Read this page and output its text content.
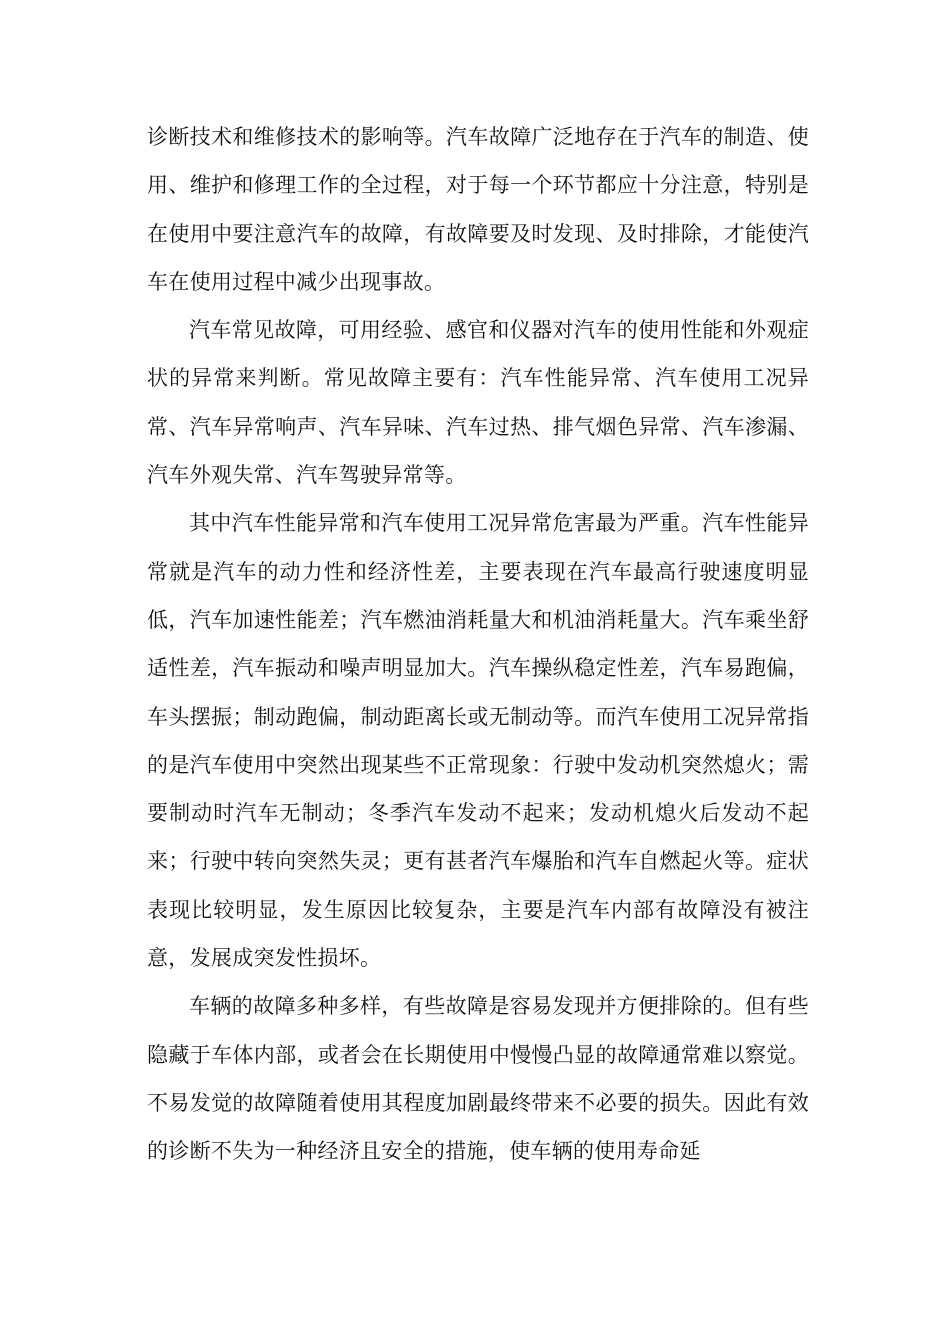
诊断技术和维修技术的影响等。汽车故障广泛地存在于汽车的制造、使用、维护和修理工作的全过程，对于每一个环节都应十分注意，特别是在使用中要注意汽车的故障，有故障要及时发现、及时排除，才能使汽车在使用过程中减少出现事故。

汽车常见故障，可用经验、感官和仪器对汽车的使用性能和外观症状的异常来判断。常见故障主要有：汽车性能异常、汽车使用工况异常、汽车异常响声、汽车异味、汽车过热、排气烟色异常、汽车渗漏、汽车外观失常、汽车驾驶异常等。

其中汽车性能异常和汽车使用工况异常危害最为严重。汽车性能异常就是汽车的动力性和经济性差，主要表现在汽车最高行驶速度明显低，汽车加速性能差；汽车燃油消耗量大和机油消耗量大。汽车乘坐舒适性差，汽车振动和噪声明显加大。汽车操纵稳定性差，汽车易跑偏，车头摆振；制动跑偏，制动距离长或无制动等。而汽车使用工况异常指的是汽车使用中突然出现某些不正常现象：行驶中发动机突然熄火；需要制动时汽车无制动；冬季汽车发动不起来；发动机熄火后发动不起来；行驶中转向突然失灵；更有甚者汽车爆胎和汽车自燃起火等。症状表现比较明显，发生原因比较复杂，主要是汽车内部有故障没有被注意，发展成突发性损坏。

车辆的故障多种多样，有些故障是容易发现并方便排除的。但有些隐藏于车体内部，或者会在长期使用中慢慢凸显的故障通常难以察觉。不易发觉的故障随着使用其程度加剧最终带来不必要的损失。因此有效的诊断不失为一种经济且安全的措施，使车辆的使用寿命延
